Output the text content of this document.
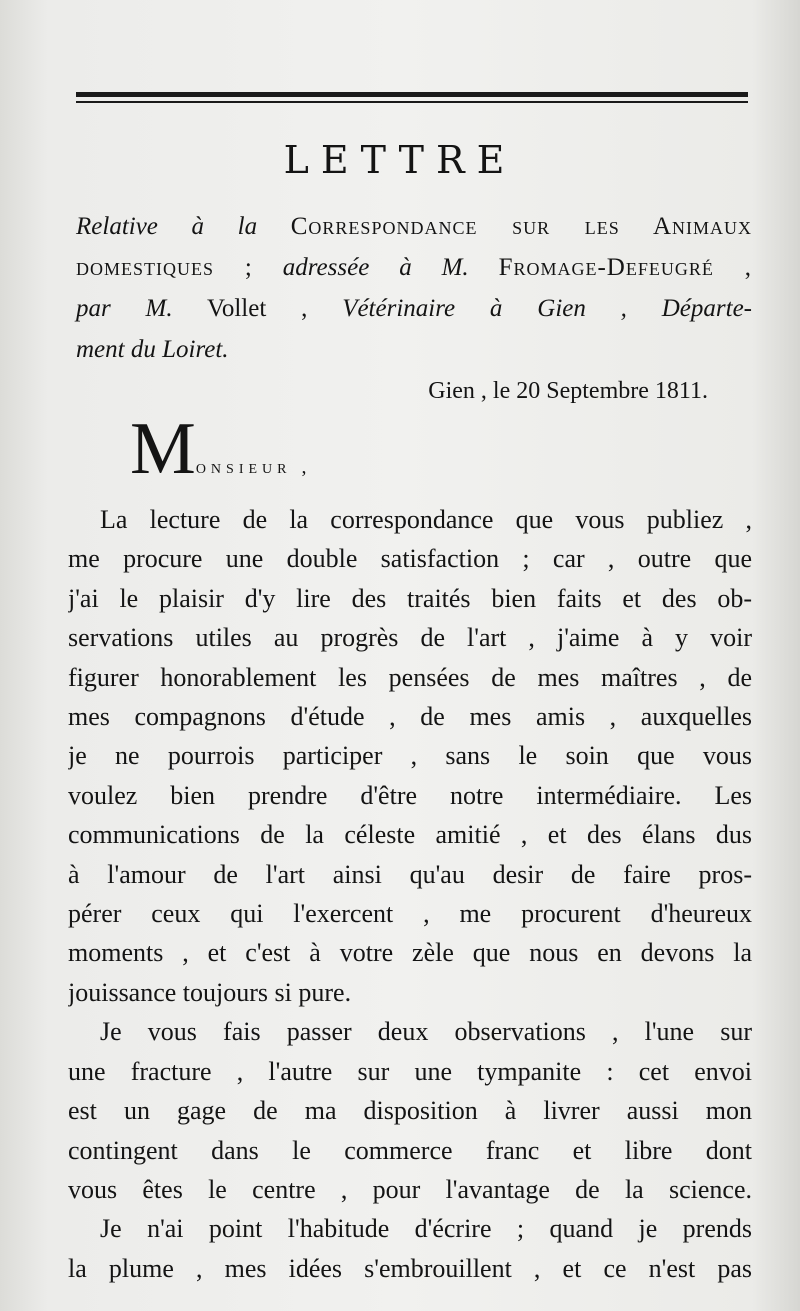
LETTRE
Relative à la Correspondance sur les Animaux
domestiques ; adressée à M. Fromage-Defeugré ,
par M. Vollet , Vétérinaire à Gien , Départe-
ment du Loiret.
Gien , le 20 Septembre 1811.
Monsieur ,
La lecture de la correspondance que vous publiez ,
me procure une double satisfaction ; car , outre que
j'ai le plaisir d'y lire des traités bien faits et des ob-
servations utiles au progrès de l'art , j'aime à y voir
figurer honorablement les pensées de mes maîtres , de
mes compagnons d'étude , de mes amis , auxquelles
je ne pourrois participer , sans le soin que vous
voulez bien prendre d'être notre intermédiaire. Les
communications de la céleste amitié , et des élans dus
à l'amour de l'art ainsi qu'au desir de faire pros-
pérer ceux qui l'exercent , me procurent d'heureux
moments , et c'est à votre zèle que nous en devons la
jouissance toujours si pure.
Je vous fais passer deux observations , l'une sur
une fracture , l'autre sur une tympanite : cet envoi
est un gage de ma disposition à livrer aussi mon
contingent dans le commerce franc et libre dont
vous êtes le centre , pour l'avantage de la science.
Je n'ai point l'habitude d'écrire ; quand je prends
la plume , mes idées s'embrouillent , et ce n'est pas
